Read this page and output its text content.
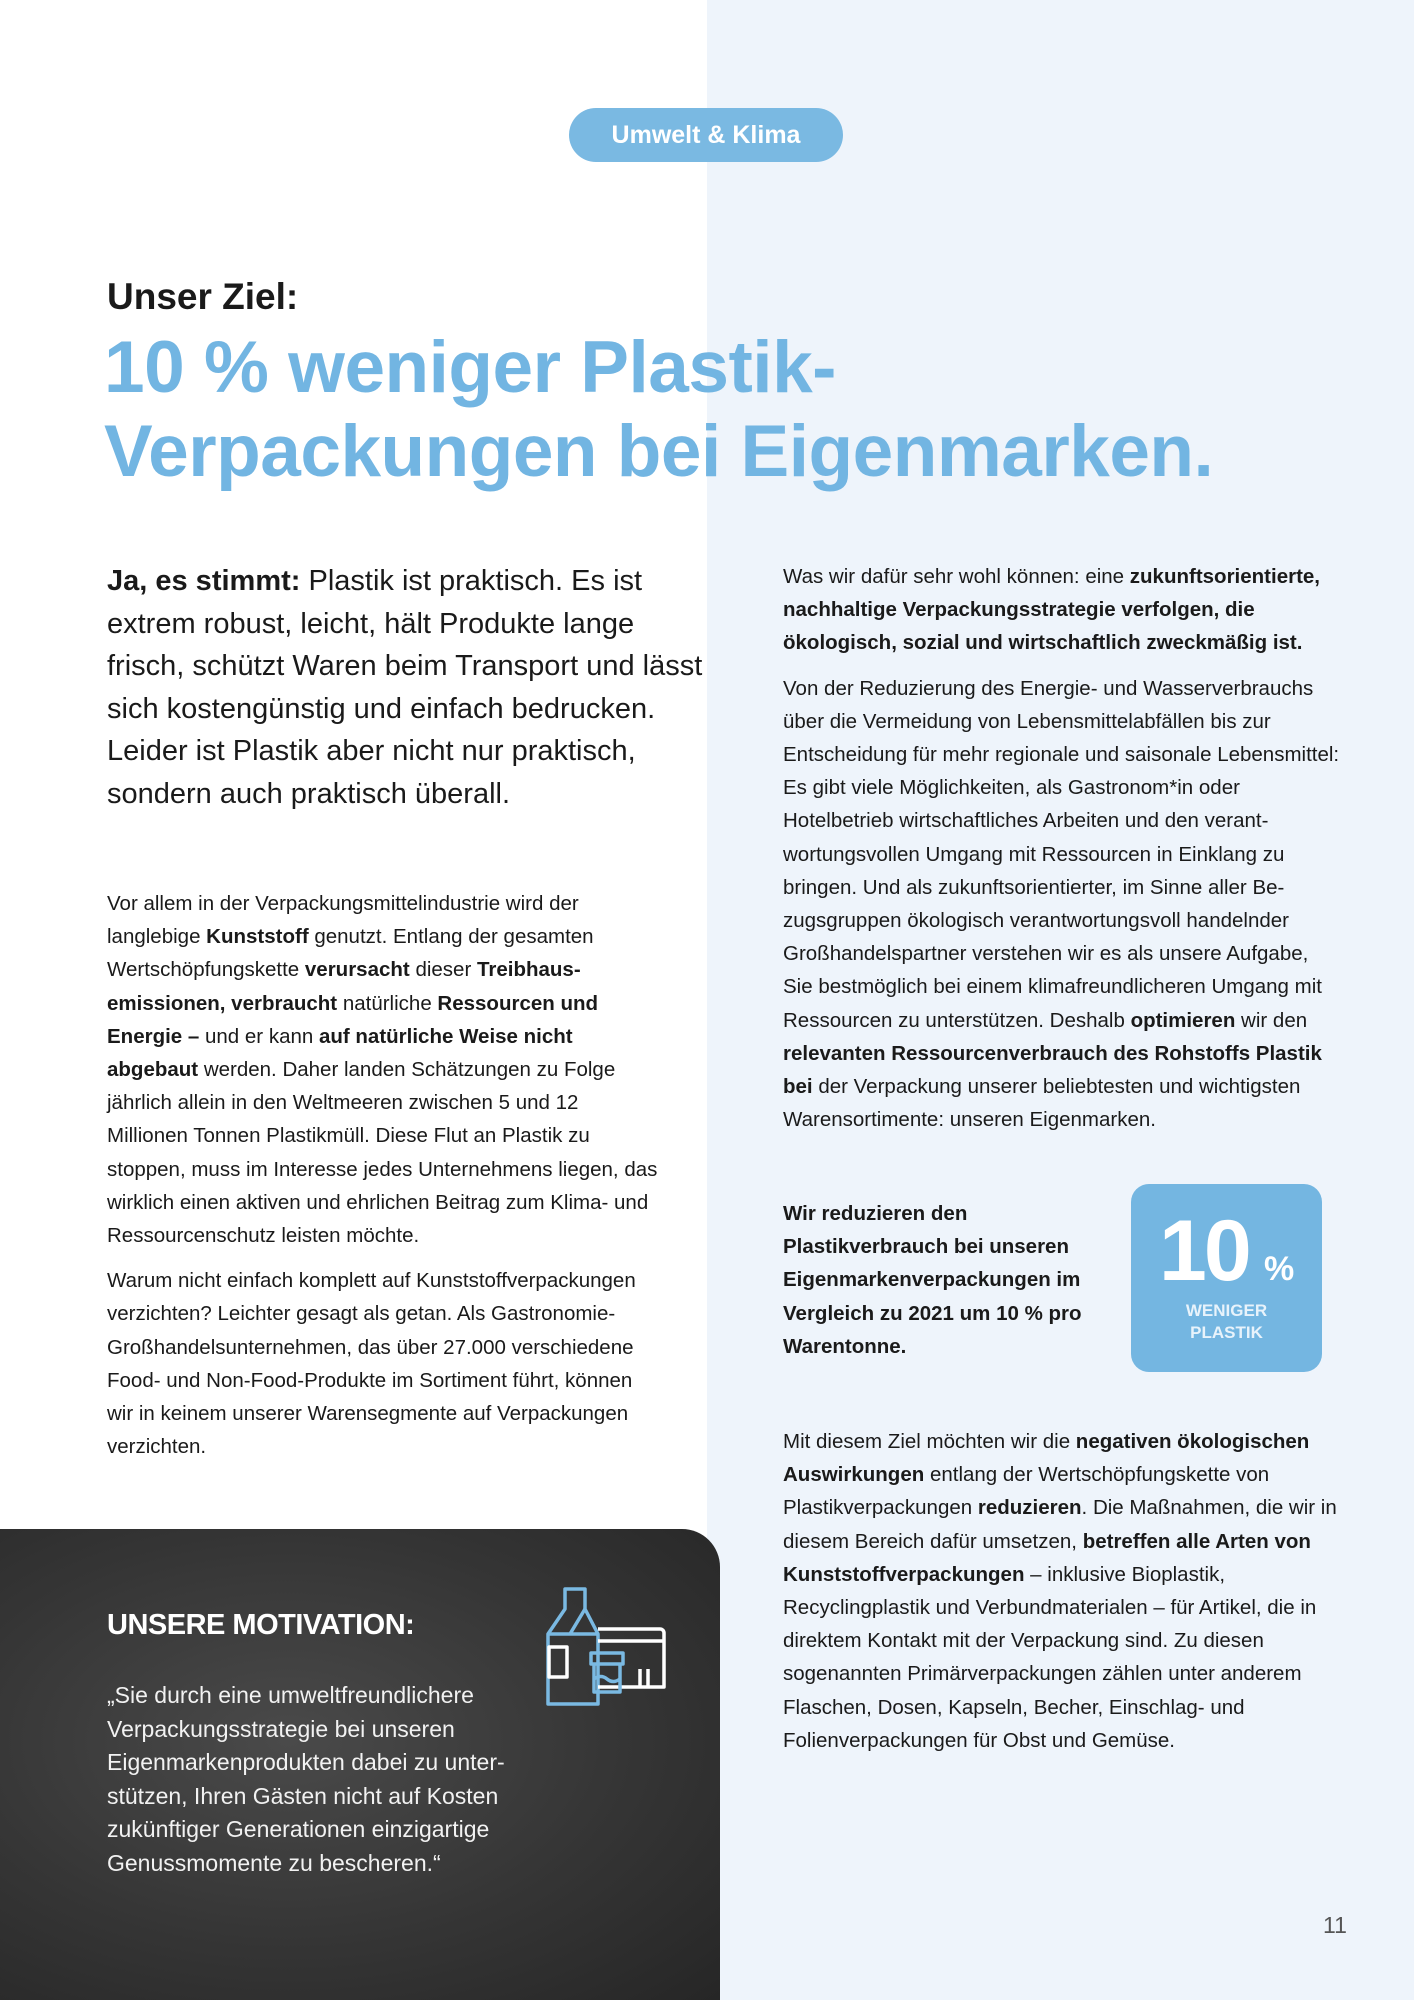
Umwelt & Klima
Unser Ziel:
10 % weniger Plastik-
Verpackungen bei Eigenmarken.

Ja, es stimmt: Plastik ist praktisch. Es ist extrem robust, leicht, hält Produkte lange frisch, schützt Waren beim Transport und lässt sich kostengünstig und einfach bedrucken. Leider ist Plastik aber nicht nur praktisch, sondern auch praktisch überall.

Vor allem in der Verpackungsmittelindustrie wird der langlebige Kunststoff genutzt. Entlang der gesamten Wertschöpfungskette verursacht dieser Treibhausemissionen, verbraucht natürliche Ressourcen und Energie – und er kann auf natürliche Weise nicht abgebaut werden. Daher landen Schätzungen zu Folge jährlich allein in den Weltmeeren zwischen 5 und 12 Millionen Tonnen Plastikmüll. Diese Flut an Plastik zu stoppen, muss im Interesse jedes Unternehmens liegen, das wirklich einen aktiven und ehrlichen Beitrag zum Klima- und Ressourcenschutz leisten möchte.

Warum nicht einfach komplett auf Kunststoffverpackungen verzichten? Leichter gesagt als getan. Als Gastronomie-Großhandelsunternehmen, das über 27.000 verschiedene Food- und Non-Food-Produkte im Sortiment führt, können wir in keinem unserer Warensegmente auf Verpackungen verzichten.

Was wir dafür sehr wohl können: eine zukunftsorientierte, nachhaltige Verpackungsstrategie verfolgen, die ökologisch, sozial und wirtschaftlich zweckmäßig ist.

Von der Reduzierung des Energie- und Wasserverbrauchs über die Vermeidung von Lebensmittelabfällen bis zur Entscheidung für mehr regionale und saisonale Lebensmittel: Es gibt viele Möglichkeiten, als Gastronom*in oder Hotelbetrieb wirtschaftliches Arbeiten und den verantwortungsvollen Umgang mit Ressourcen in Einklang zu bringen. Und als zukunftsorientierter, im Sinne aller Bezugsgruppen ökologisch verantwortungsvoll handelnder Großhandelspartner verstehen wir es als unsere Aufgabe, Sie bestmöglich bei einem klimafreundlicheren Umgang mit Ressourcen zu unterstützen. Deshalb optimieren wir den relevanten Ressourcenverbrauch des Rohstoffs Plastik bei der Verpackung unserer beliebtesten und wichtigsten Warensortimente: unseren Eigenmarken.

Wir reduzieren den Plastikverbrauch bei unseren Eigenmarkenverpackungen im Vergleich zu 2021 um 10 % pro Warentonne.

10 %
WENIGER
PLASTIK

Mit diesem Ziel möchten wir die negativen ökologischen Auswirkungen entlang der Wertschöpfungskette von Plastikverpackungen reduzieren. Die Maßnahmen, die wir in diesem Bereich dafür umsetzen, betreffen alle Arten von Kunststoffverpackungen – inklusive Bioplastik, Recyclingplastik und Verbundmaterialen – für Artikel, die in direktem Kontakt mit der Verpackung sind. Zu diesen sogenannten Primärverpackungen zählen unter anderem Flaschen, Dosen, Kapseln, Becher, Einschlag- und Folienverpackungen für Obst und Gemüse.

UNSERE MOTIVATION:

„Sie durch eine umweltfreundlichere Verpackungsstrategie bei unseren Eigenmarkenprodukten dabei zu unterstützen, Ihren Gästen nicht auf Kosten zukünftiger Generationen einzigartige Genussmomente zu bescheren.“

11
